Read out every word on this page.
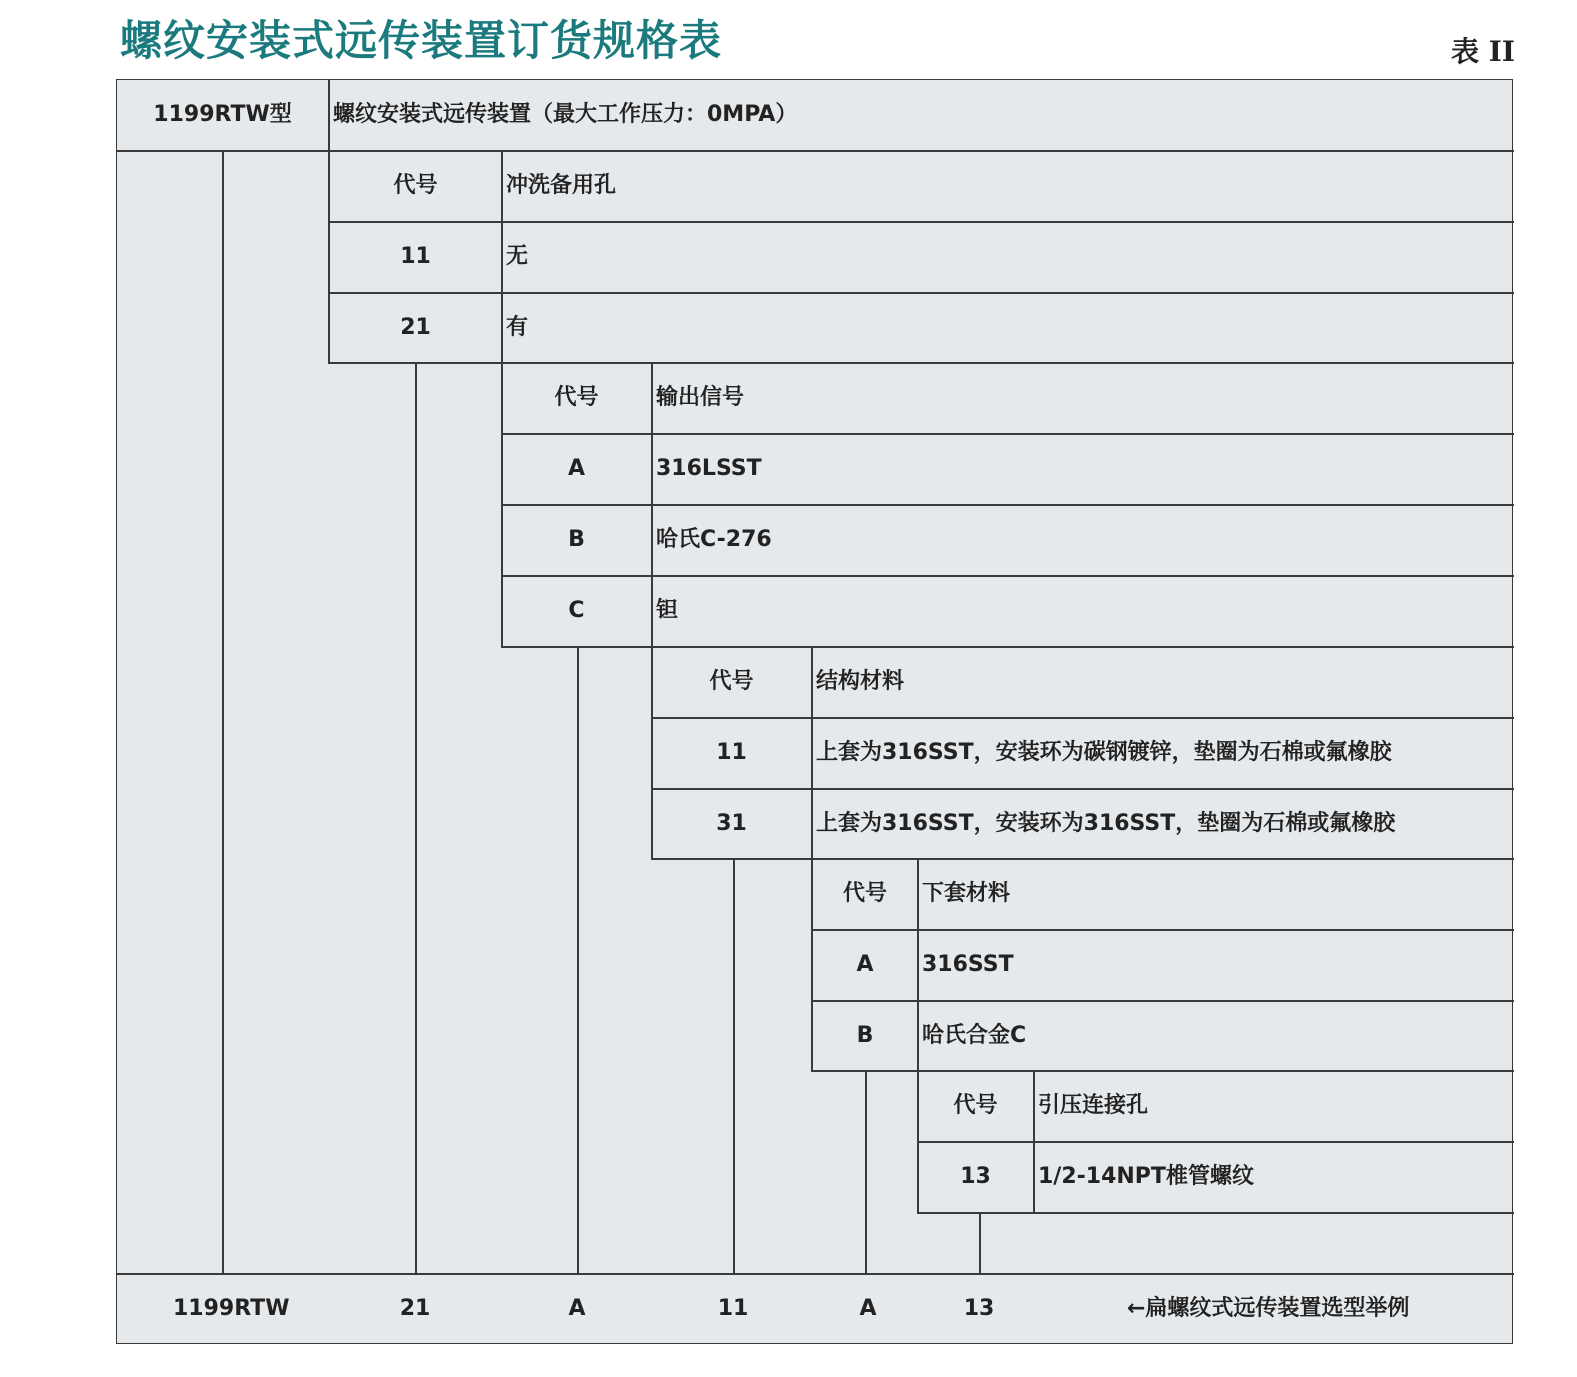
螺纹安装式远传装置订货规格表	表 II
1199RTW型	螺纹安装式远传装置（最大工作压力：0MPA）
代号	冲洗备用孔
11	无
21	有
代号	输出信号
A	316LSST
B	哈氏C-276
C	钽
代号	结构材料
11	上套为316SST，安装环为碳钢镀锌，垫圈为石棉或氟橡胶
31	上套为316SST，安装环为316SST，垫圈为石棉或氟橡胶
代号	下套材料
A	316SST
B	哈氏合金C
代号	引压连接孔
13	1/2-14NPT椎管螺纹
1199RTW	21	A	11	A	13	←扁螺纹式远传装置选型举例
